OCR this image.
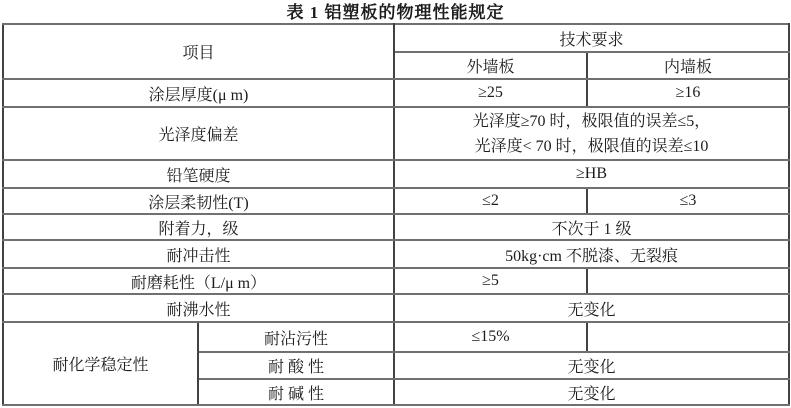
表 1 铝塑板的物理性能规定
项目		技术要求	
		外墙板	内墙板
涂层厚度(μ m)		≥25	≥16
光泽度偏差		光泽度≥70 时，极限值的误差≤5，
光泽度< 70 时，极限值的误差≤10	

铅笔硬度		≥HB	
涂层柔韧性(T)		≤2	≤3
附着力，级		不次于 1 级	
耐冲击性		50kg·cm 不脱漆、无裂痕	
耐磨耗性（L/μ m）		≥5	
耐沸水性		无变化	
耐化学稳定性	耐沾污性	≤15%	
	耐 酸 性	无变化	
	耐 碱 性	无变化	
